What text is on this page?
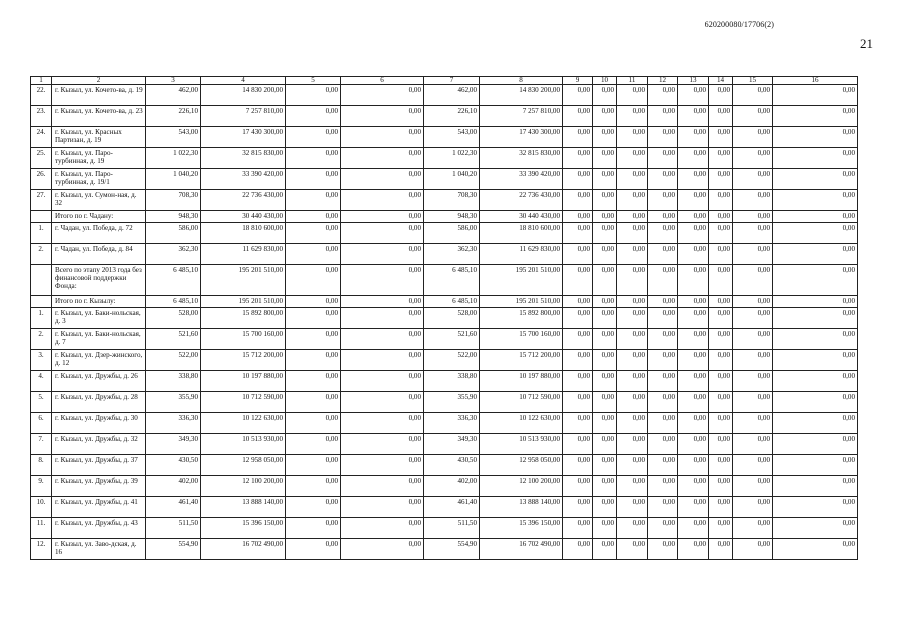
620200080/17706(2)
21
1	2	3	4	5	6	7	8	9	10	11	12	13	14	15	16
22.	г. Кызыл, ул. Кочето-ва, д. 19	462,00	14 830 200,00	0,00	0,00	462,00	14 830 200,00	0,00	0,00	0,00	0,00	0,00	0,00	0,00	0,00
23.	г. Кызыл, ул. Кочето-ва, д. 23	226,10	7 257 810,00	0,00	0,00	226,10	7 257 810,00	0,00	0,00	0,00	0,00	0,00	0,00	0,00	0,00
24.	г. Кызыл, ул. Красных Партизан, д. 19	543,00	17 430 300,00	0,00	0,00	543,00	17 430 300,00	0,00	0,00	0,00	0,00	0,00	0,00	0,00	0,00
25.	г. Кызыл, ул. Паро-турбинная, д. 19	1 022,30	32 815 830,00	0,00	0,00	1 022,30	32 815 830,00	0,00	0,00	0,00	0,00	0,00	0,00	0,00	0,00
26.	г. Кызыл, ул. Паро-турбинная, д. 19/1	1 040,20	33 390 420,00	0,00	0,00	1 040,20	33 390 420,00	0,00	0,00	0,00	0,00	0,00	0,00	0,00	0,00
27.	г. Кызыл, ул. Сумон-ная, д. 32	708,30	22 736 430,00	0,00	0,00	708,30	22 736 430,00	0,00	0,00	0,00	0,00	0,00	0,00	0,00	0,00
	Итого по г. Чадану:	948,30	30 440 430,00	0,00	0,00	948,30	30 440 430,00	0,00	0,00	0,00	0,00	0,00	0,00	0,00	0,00
1.	г. Чадан, ул. Победа, д. 72	586,00	18 810 600,00	0,00	0,00	586,00	18 810 600,00	0,00	0,00	0,00	0,00	0,00	0,00	0,00	0,00
2.	г. Чадан, ул. Победа, д. 84	362,30	11 629 830,00	0,00	0,00	362,30	11 629 830,00	0,00	0,00	0,00	0,00	0,00	0,00	0,00	0,00
	Всего по этапу 2013 года без финансовой поддержки Фонда:	6 485,10	195 201 510,00	0,00	0,00	6 485,10	195 201 510,00	0,00	0,00	0,00	0,00	0,00	0,00	0,00	0,00
	Итого по г. Кызылу:	6 485,10	195 201 510,00	0,00	0,00	6 485,10	195 201 510,00	0,00	0,00	0,00	0,00	0,00	0,00	0,00	0,00
1.	г. Кызыл, ул. Баки-нольская, д. 3	528,00	15 892 800,00	0,00	0,00	528,00	15 892 800,00	0,00	0,00	0,00	0,00	0,00	0,00	0,00	0,00
2.	г. Кызыл, ул. Баки-нольская, д. 7	521,60	15 700 160,00	0,00	0,00	521,60	15 700 160,00	0,00	0,00	0,00	0,00	0,00	0,00	0,00	0,00
3.	г. Кызыл, ул. Дзер-жинского, д. 12	522,00	15 712 200,00	0,00	0,00	522,00	15 712 200,00	0,00	0,00	0,00	0,00	0,00	0,00	0,00	0,00
4.	г. Кызыл, ул. Дружбы, д. 26	338,80	10 197 880,00	0,00	0,00	338,80	10 197 880,00	0,00	0,00	0,00	0,00	0,00	0,00	0,00	0,00
5.	г. Кызыл, ул. Дружбы, д. 28	355,90	10 712 590,00	0,00	0,00	355,90	10 712 590,00	0,00	0,00	0,00	0,00	0,00	0,00	0,00	0,00
6.	г. Кызыл, ул. Дружбы, д. 30	336,30	10 122 630,00	0,00	0,00	336,30	10 122 630,00	0,00	0,00	0,00	0,00	0,00	0,00	0,00	0,00
7.	г. Кызыл, ул. Дружбы, д. 32	349,30	10 513 930,00	0,00	0,00	349,30	10 513 930,00	0,00	0,00	0,00	0,00	0,00	0,00	0,00	0,00
8.	г. Кызыл, ул. Дружбы, д. 37	430,50	12 958 050,00	0,00	0,00	430,50	12 958 050,00	0,00	0,00	0,00	0,00	0,00	0,00	0,00	0,00
9.	г. Кызыл, ул. Дружбы, д. 39	402,00	12 100 200,00	0,00	0,00	402,00	12 100 200,00	0,00	0,00	0,00	0,00	0,00	0,00	0,00	0,00
10.	г. Кызыл, ул. Дружбы, д. 41	461,40	13 888 140,00	0,00	0,00	461,40	13 888 140,00	0,00	0,00	0,00	0,00	0,00	0,00	0,00	0,00
11.	г. Кызыл, ул. Дружбы, д. 43	511,50	15 396 150,00	0,00	0,00	511,50	15 396 150,00	0,00	0,00	0,00	0,00	0,00	0,00	0,00	0,00
12.	г. Кызыл, ул. Заво-дская, д. 16	554,90	16 702 490,00	0,00	0,00	554,90	16 702 490,00	0,00	0,00	0,00	0,00	0,00	0,00	0,00	0,00
